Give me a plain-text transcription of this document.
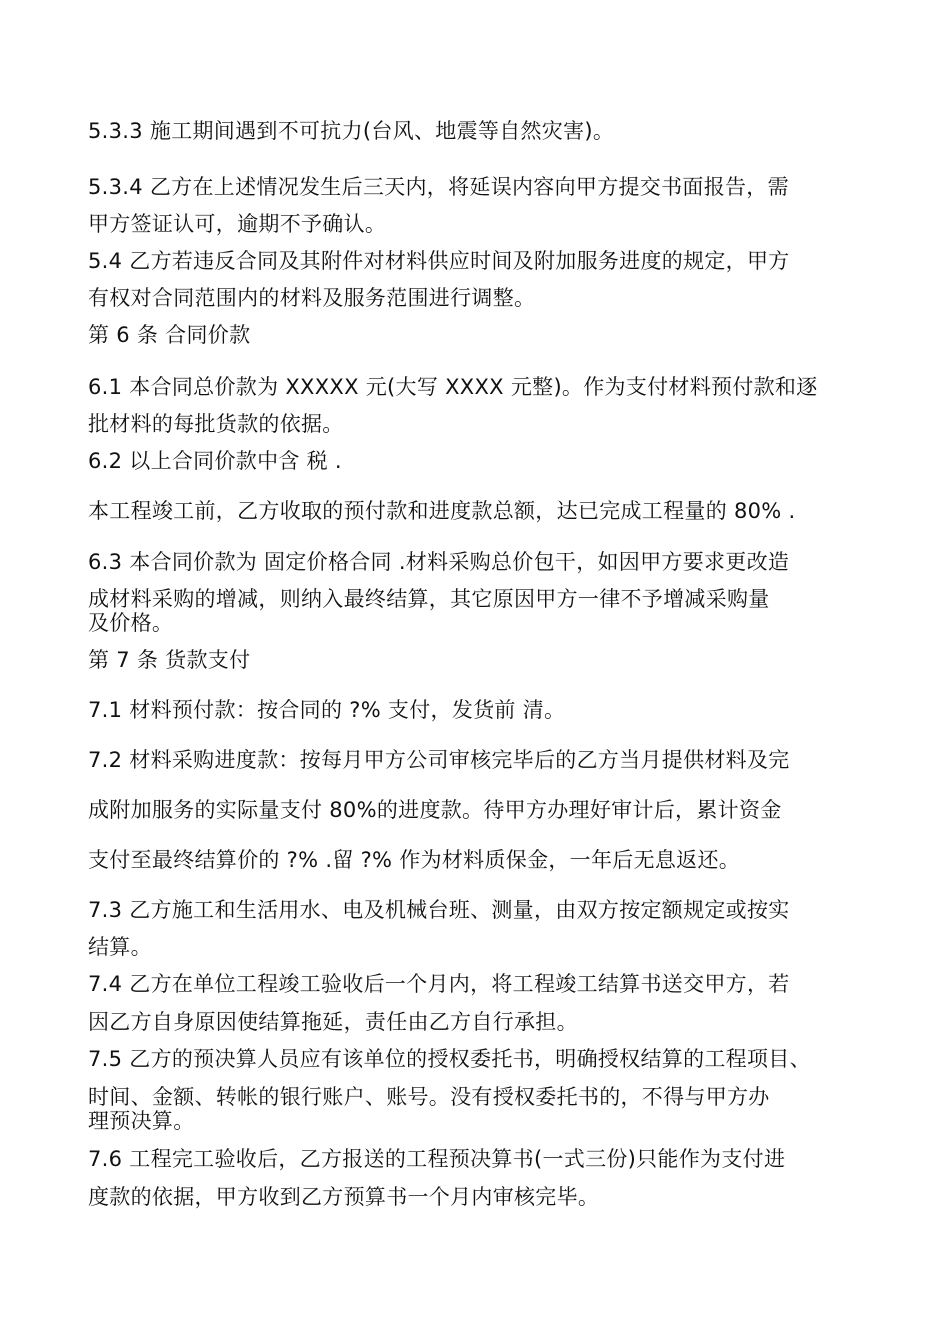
5.3.3 施工期间遇到不可抗力(台风、地震等自然灾害)。
5.3.4 乙方在上述情况发生后三天内，将延误内容向甲方提交书面报告，需
甲方签证认可，逾期不予确认。
5.4 乙方若违反合同及其附件对材料供应时间及附加服务进度的规定，甲方
有权对合同范围内的材料及服务范围进行调整。
第 6 条 合同价款
6.1 本合同总价款为 XXXXX 元(大写 XXXX 元整)。作为支付材料预付款和逐
批材料的每批货款的依据。
6.2 以上合同价款中含 税 .
本工程竣工前，乙方收取的预付款和进度款总额，达已完成工程量的 80% .
6.3 本合同价款为 固定价格合同 .材料采购总价包干，如因甲方要求更改造
成材料采购的增减，则纳入最终结算，其它原因甲方一律不予增减采购量
及价格。
第 7 条 货款支付
7.1 材料预付款：按合同的 ?% 支付，发货前 清。
7.2 材料采购进度款：按每月甲方公司审核完毕后的乙方当月提供材料及完
成附加服务的实际量支付 80%的进度款。待甲方办理好审计后，累计资金
支付至最终结算价的 ?% .留 ?% 作为材料质保金，一年后无息返还。
7.3 乙方施工和生活用水、电及机械台班、测量，由双方按定额规定或按实
结算。
7.4 乙方在单位工程竣工验收后一个月内，将工程竣工结算书送交甲方，若
因乙方自身原因使结算拖延，责任由乙方自行承担。
7.5 乙方的预决算人员应有该单位的授权委托书，明确授权结算的工程项目、
时间、金额、转帐的银行账户、账号。没有授权委托书的，不得与甲方办
理预决算。
7.6 工程完工验收后，乙方报送的工程预决算书(一式三份)只能作为支付进
度款的依据，甲方收到乙方预算书一个月内审核完毕。
